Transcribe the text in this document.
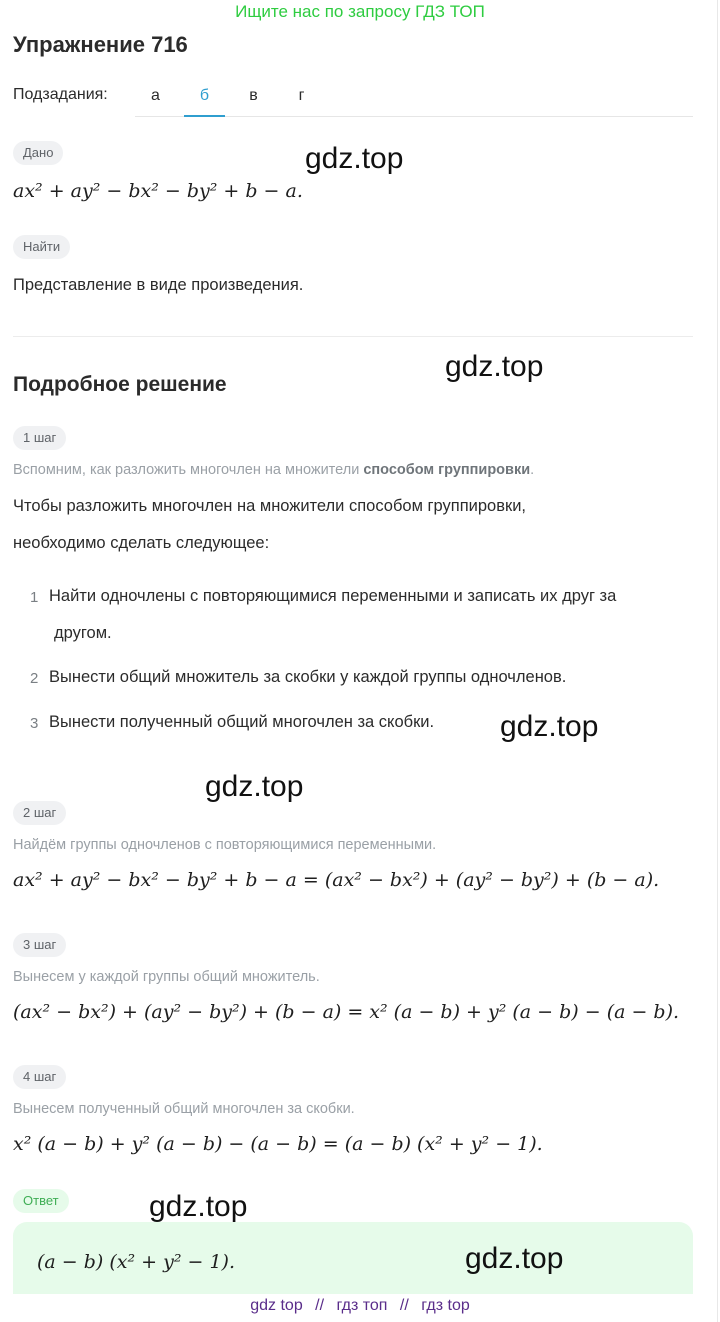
Ищите нас по запросу ГДЗ ТОП
Упражнение 716
Подзадания:	а	б	в	г
Дано
ax² + ay² − bx² − by² + b − a.
Найти
Представление в виде произведения.
Подробное решение
1 шаг
Вспомним, как разложить многочлен на множители способом группировки.
Чтобы разложить многочлен на множители способом группировки,
необходимо сделать следующее:
1 Найти одночлены с повторяющимися переменными и записать их друг за
другом.
2 Вынести общий множитель за скобки у каждой группы одночленов.
3 Вынести полученный общий многочлен за скобки.
2 шаг
Найдём группы одночленов с повторяющимися переменными.
ax² + ay² − bx² − by² + b − a = (ax² − bx²) + (ay² − by²) + (b − a).
3 шаг
Вынесем у каждой группы общий множитель.
(ax² − bx²) + (ay² − by²) + (b − a) = x² (a − b) + y² (a − b) − (a − b).
4 шаг
Вынесем полученный общий многочлен за скобки.
x² (a − b) + y² (a − b) − (a − b) = (a − b) (x² + y² − 1).
Ответ
(a − b) (x² + y² − 1).
gdz.top
gdz.top
gdz.top
gdz.top
gdz.top
gdz.top
gdz top // гдз топ // гдз top
